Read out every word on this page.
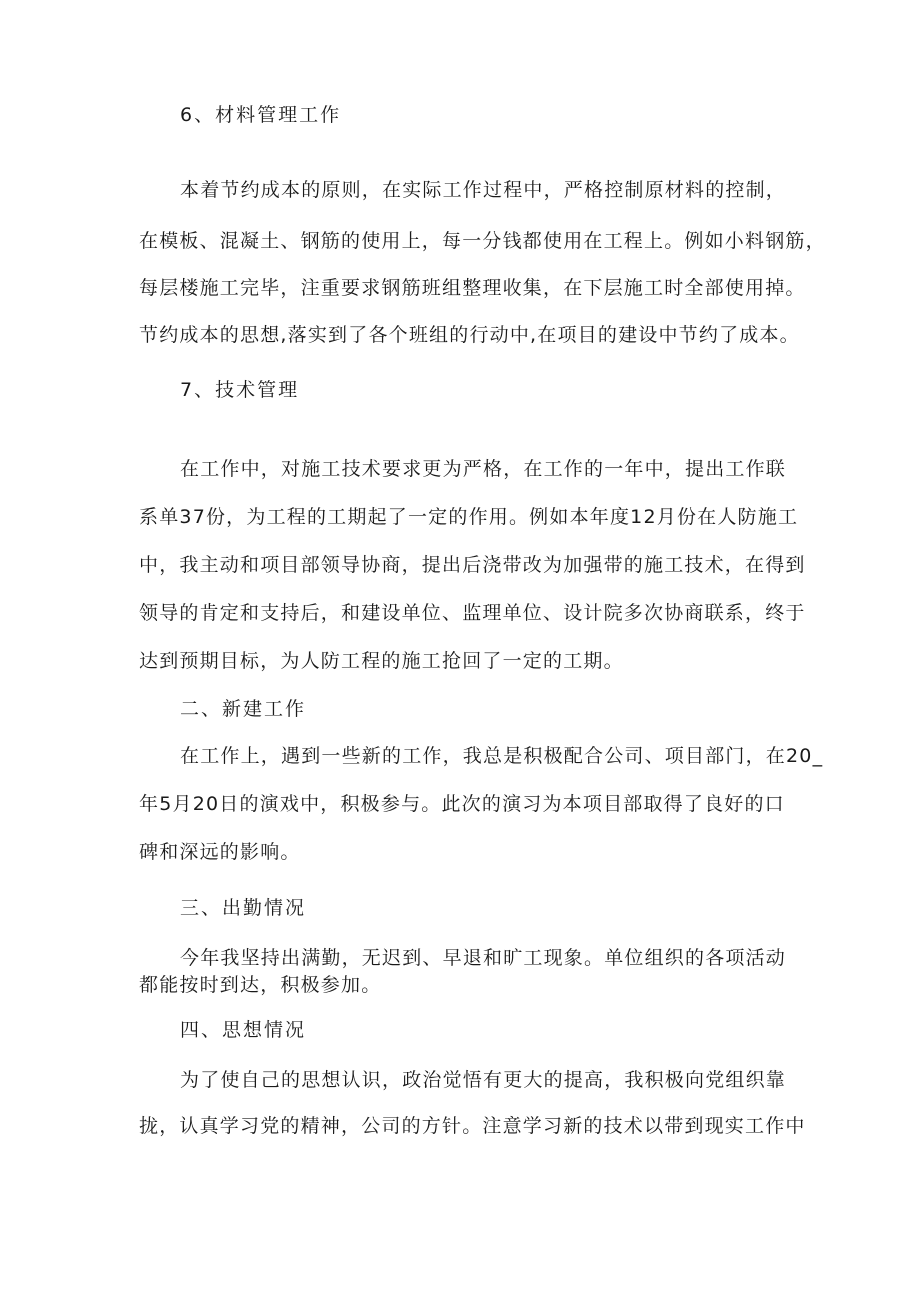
6、材料管理工作
本着节约成本的原则，在实际工作过程中，严格控制原材料的控制，
在模板、混凝土、钢筋的使用上，每一分钱都使用在工程上。例如小料钢筋，
每层楼施工完毕，注重要求钢筋班组整理收集，在下层施工时全部使用掉。
节约成本的思想,落实到了各个班组的行动中,在项目的建设中节约了成本。
7、技术管理
在工作中，对施工技术要求更为严格，在工作的一年中，提出工作联
系单37份，为工程的工期起了一定的作用。例如本年度12月份在人防施工
中，我主动和项目部领导协商，提出后浇带改为加强带的施工技术，在得到
领导的肯定和支持后，和建设单位、监理单位、设计院多次协商联系，终于
达到预期目标，为人防工程的施工抢回了一定的工期。
二、新建工作
在工作上，遇到一些新的工作，我总是积极配合公司、项目部门，在20_
年5月20日的演戏中，积极参与。此次的演习为本项目部取得了良好的口
碑和深远的影响。
三、出勤情况
今年我坚持出满勤，无迟到、早退和旷工现象。单位组织的各项活动
都能按时到达，积极参加。
四、思想情况
为了使自己的思想认识，政治觉悟有更大的提高，我积极向党组织靠
拢，认真学习党的精神，公司的方针。注意学习新的技术以带到现实工作中
